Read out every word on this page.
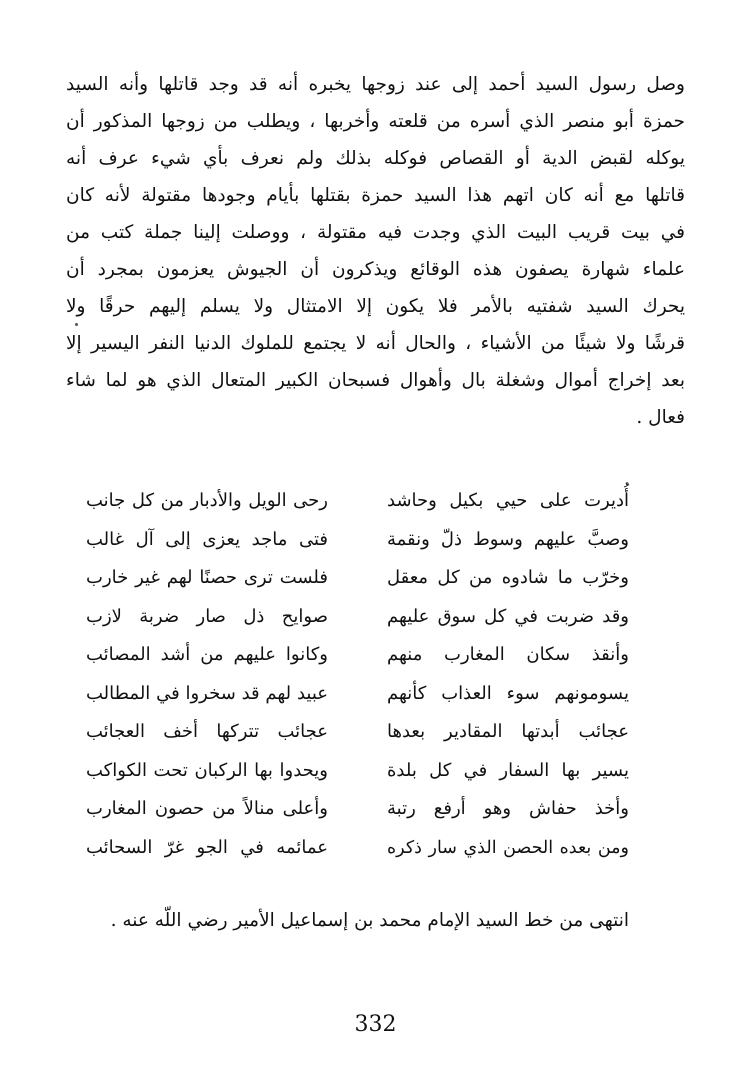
وصل رسول السيد أحمد إلى عند زوجها يخبره أنه قد وجد قاتلها وأنه السيد
حمزة أبو منصر الذي أسره من قلعته وأخربها ، ويطلب من زوجها المذكور أن
يوكله لقبض الدية أو القصاص فوكله بذلك ولم نعرف بأي شيء عرف أنه
قاتلها مع أنه كان اتهم هذا السيد حمزة بقتلها بأيام وجودها مقتولة لأنه كان
في بيت قريب البيت الذي وجدت فيه مقتولة ، ووصلت إلينا جملة كتب من
علماء شهارة يصفون هذه الوقائع ويذكرون أن الجيوش يعزمون بمجرد أن
يحرك السيد شفتيه بالأمر فلا يكون إلا الامتثال ولا يسلم إليهم حرقًا ولا
قرشًا ولا شيئًا من الأشياء ، والحال أنه لا يجتمع للملوك الدنيا النفر اليسير إلا
بعد إخراج أموال وشغلة بال وأهوال فسبحان الكبير المتعال الذي هو لما شاء
فعال .
أُديرت على حيي بكيل وحاشد
رحى الويل والأدبار من كل جانب
وصبَّ عليهم وسوط ذلّ ونقمة
فتى ماجد يعزى إلى آل غالب
وخرّب ما شادوه من كل معقل
فلست ترى حصنًا لهم غير خارب
وقد ضربت في كل سوق عليهم
صوايح ذل صار ضربة لازب
وأنقذ سكان المغارب منهم
وكانوا عليهم من أشد المصائب
يسومونهم سوء العذاب كأنهم
عبيد لهم قد سخروا في المطالب
عجائب أبدتها المقادير بعدها
عجائب تتركها أخف العجائب
يسير بها السفار في كل بلدة
ويحدوا بها الركبان تحت الكواكب
وأخذ حفاش وهو أرفع رتبة
وأعلى منالاً من حصون المغارب
ومن بعده الحصن الذي سار ذكره
عمائمه في الجو غرّ السحائب
انتهى من خط السيد الإمام محمد بن إسماعيل الأمير رضي اللّه عنه .
332
